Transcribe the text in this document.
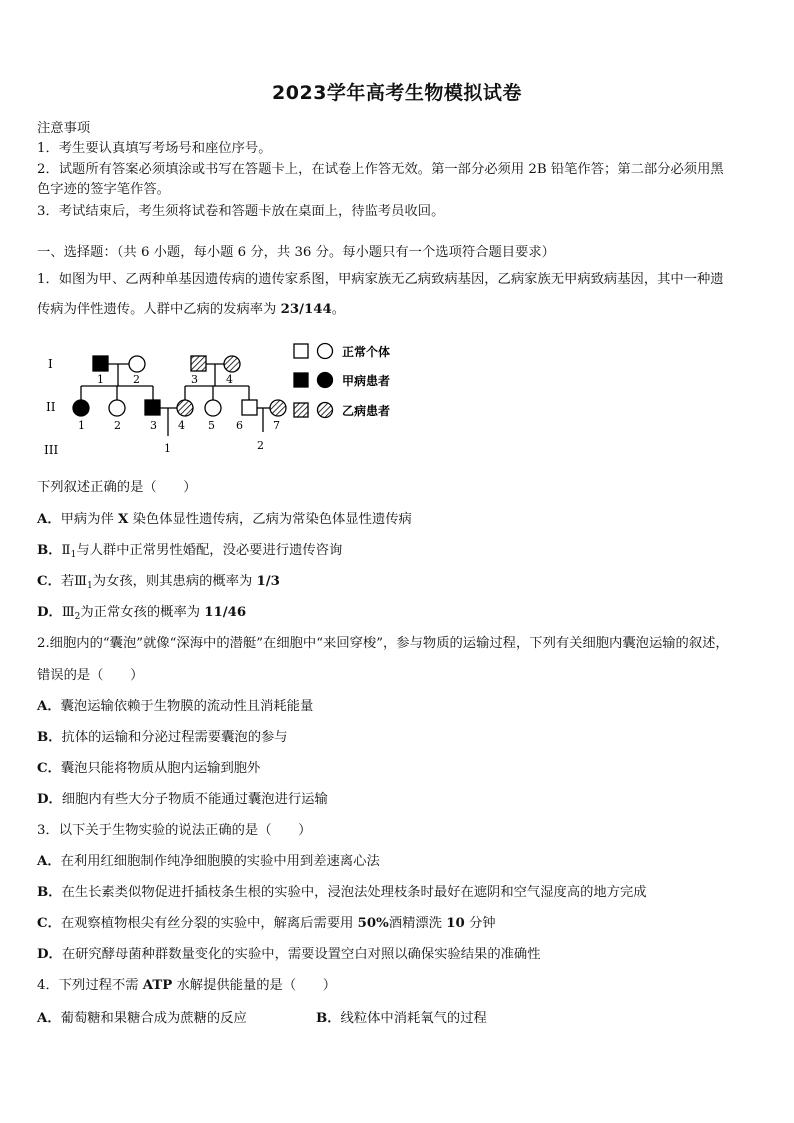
2023学年高考生物模拟试卷
注意事项
1．考生要认真填写考场号和座位序号。
2．试题所有答案必须填涂或书写在答题卡上，在试卷上作答无效。第一部分必须用 2B 铅笔作答；第二部分必须用黑
色字迹的签字笔作答。
3．考试结束后，考生须将试卷和答题卡放在桌面上，待监考员收回。
一、选择题：（共 6 小题，每小题 6 分，共 36 分。每小题只有一个选项符合题目要求）
1．如图为甲、乙两种单基因遗传病的遗传家系图，甲病家族无乙病致病基因，乙病家族无甲病致病基因，其中一种遗
传病为伴性遗传。人群中乙病的发病率为 23/144。
I
II
III
1	2	3	4
1	2	3 4 5 6	7
1	2
正常个体
甲病患者
乙病患者
下列叙述正确的是（　　）
A．甲病为伴 X 染色体显性遗传病，乙病为常染色体显性遗传病
B．$Ⅱ_1$与人群中正常男性婚配，没必要进行遗传咨询
C．若$Ⅲ_1$为女孩，则其患病的概率为 1/3
D．$Ⅲ_2$为正常女孩的概率为 11/46
2.细胞内的“囊泡”就像“深海中的潜艇”在细胞中“来回穿梭”，参与物质的运输过程，下列有关细胞内囊泡运输的叙述，
错误的是（　　）
A．囊泡运输依赖于生物膜的流动性且消耗能量
B．抗体的运输和分泌过程需要囊泡的参与
C．囊泡只能将物质从胞内运输到胞外
D．细胞内有些大分子物质不能通过囊泡进行运输
3．以下关于生物实验的说法正确的是（　　）
A．在利用红细胞制作纯净细胞膜的实验中用到差速离心法
B．在生长素类似物促进扦插枝条生根的实验中，浸泡法处理枝条时最好在遮阴和空气湿度高的地方完成
C．在观察植物根尖有丝分裂的实验中，解离后需要用 50%酒精漂洗 10 分钟
D．在研究酵母菌种群数量变化的实验中，需要设置空白对照以确保实验结果的准确性
4．下列过程不需 ATP 水解提供能量的是（　　）
A．葡萄糖和果糖合成为蔗糖的反应	B．线粒体中消耗氧气的过程
